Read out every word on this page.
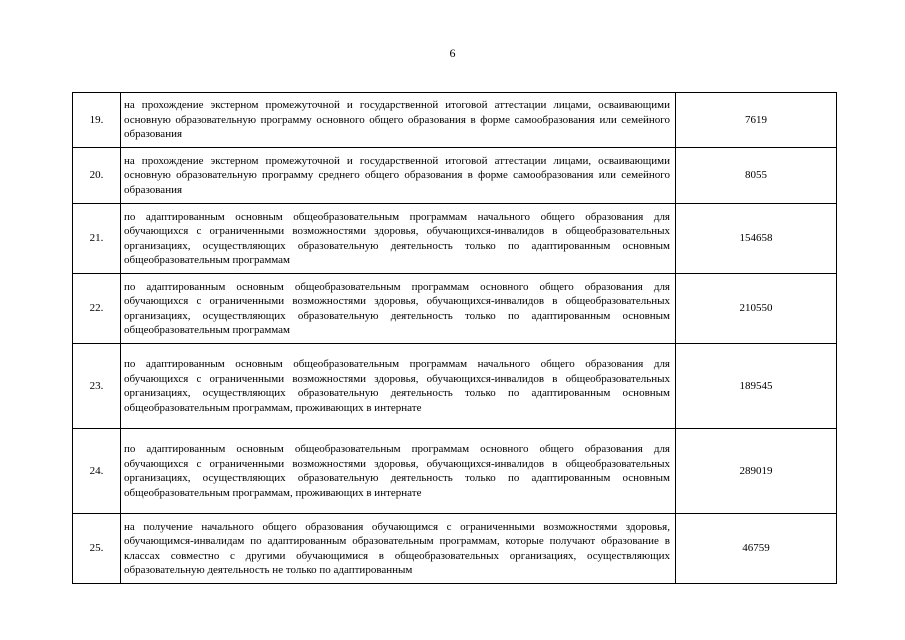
6
19.	на прохождение экстерном промежуточной и государственной итоговой аттестации лицами, осваивающими основную образовательную программу основного общего образования в форме самообразования или семейного образования	7619
20.	на прохождение экстерном промежуточной и государственной итоговой аттестации лицами, осваивающими основную образовательную программу среднего общего образования в форме самообразования или семейного образования	8055
21.	по адаптированным основным общеобразовательным программам начального общего образования для обучающихся с ограниченными возможностями здоровья, обучающихся-инвалидов в общеобразовательных организациях, осуществляющих образовательную деятельность только по адаптированным основным общеобразовательным программам	154658
22.	по адаптированным основным общеобразовательным программам основного общего образования для обучающихся с ограниченными возможностями здоровья, обучающихся-инвалидов в общеобразовательных организациях, осуществляющих образовательную деятельность только по адаптированным основным общеобразовательным программам	210550
23.	по адаптированным основным общеобразовательным программам начального общего образования для обучающихся с ограниченными возможностями здоровья, обучающихся-инвалидов в общеобразовательных организациях, осуществляющих образовательную деятельность только по адаптированным основным общеобразовательным программам, проживающих в интернате	189545
24.	по адаптированным основным общеобразовательным программам основного общего образования для обучающихся с ограниченными возможностями здоровья, обучающихся-инвалидов в общеобразовательных организациях, осуществляющих образовательную деятельность только по адаптированным основным общеобразовательным программам, проживающих в интернате	289019
25.	на получение начального общего образования обучающимся с ограниченными возможностями здоровья, обучающимся-инвалидам по адаптированным образовательным программам, которые получают образование в классах совместно с другими обучающимися в общеобразовательных организациях, осуществляющих образовательную деятельность не только по адаптированным	46759
